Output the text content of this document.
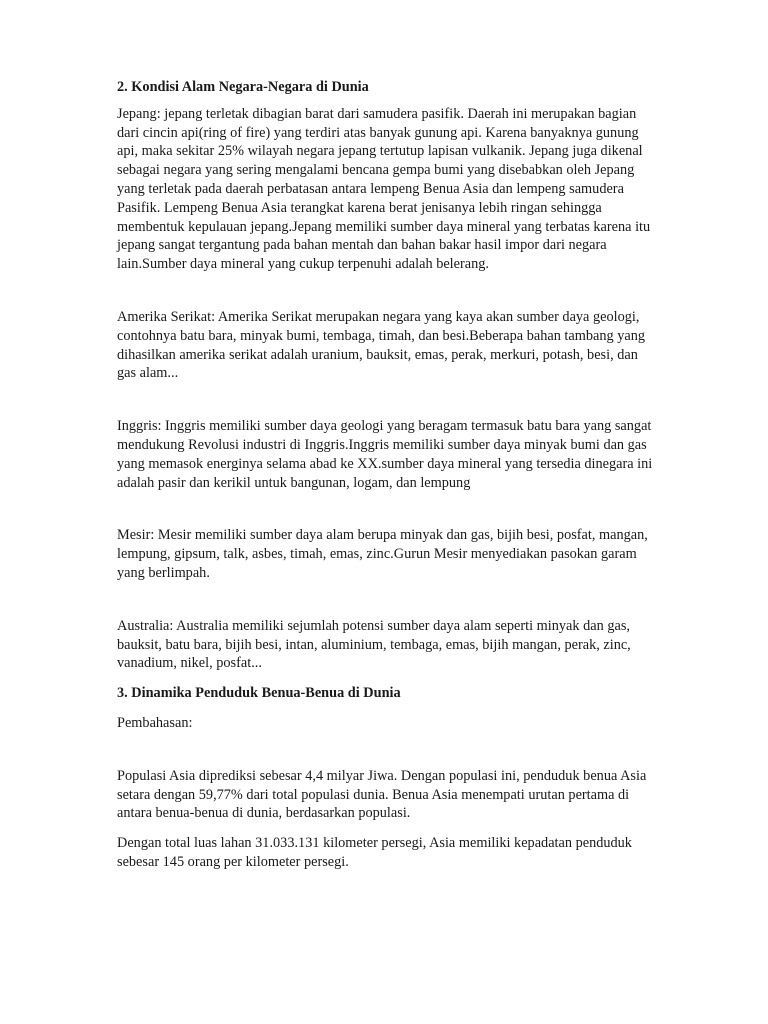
2. Kondisi Alam Negara-Negara di Dunia

Jepang: jepang terletak dibagian barat dari samudera pasifik. Daerah ini merupakan bagian dari cincin api(ring of fire) yang terdiri atas banyak gunung api. Karena banyaknya gunung api, maka sekitar 25% wilayah negara jepang tertutup lapisan vulkanik. Jepang juga dikenal sebagai negara yang sering mengalami bencana gempa bumi yang disebabkan oleh Jepang yang terletak pada daerah perbatasan antara lempeng Benua Asia dan lempeng samudera Pasifik. Lempeng Benua Asia terangkat karena berat jenisanya lebih ringan sehingga membentuk kepulauan jepang.Jepang memiliki sumber daya mineral yang terbatas karena itu jepang sangat tergantung pada bahan mentah dan bahan bakar hasil impor dari negara lain.Sumber daya mineral yang cukup terpenuhi adalah belerang.

Amerika Serikat: Amerika Serikat merupakan negara yang kaya akan sumber daya geologi, contohnya batu bara, minyak bumi, tembaga, timah, dan besi.Beberapa bahan tambang yang dihasilkan amerika serikat adalah uranium, bauksit, emas, perak, merkuri, potash, besi, dan gas alam...

Inggris: Inggris memiliki sumber daya geologi yang beragam termasuk batu bara yang sangat mendukung Revolusi industri di Inggris.Inggris memiliki sumber daya minyak bumi dan gas yang memasok energinya selama abad ke XX.sumber daya mineral yang tersedia dinegara ini adalah pasir dan kerikil untuk bangunan, logam, dan lempung

Mesir: Mesir memiliki sumber daya alam berupa minyak dan gas, bijih besi, posfat, mangan, lempung, gipsum, talk, asbes, timah, emas, zinc.Gurun Mesir menyediakan pasokan garam yang berlimpah.

Australia: Australia memiliki sejumlah potensi sumber daya alam seperti minyak dan gas, bauksit, batu bara, bijih besi, intan, aluminium, tembaga, emas, bijih mangan, perak, zinc, vanadium, nikel, posfat...

3. Dinamika Penduduk Benua-Benua di Dunia

Pembahasan:

Populasi Asia diprediksi sebesar 4,4 milyar Jiwa. Dengan populasi ini, penduduk benua Asia setara dengan 59,77% dari total populasi dunia. Benua Asia menempati urutan pertama di antara benua-benua di dunia, berdasarkan populasi.

Dengan total luas lahan 31.033.131 kilometer persegi, Asia memiliki kepadatan penduduk sebesar 145 orang per kilometer persegi.
